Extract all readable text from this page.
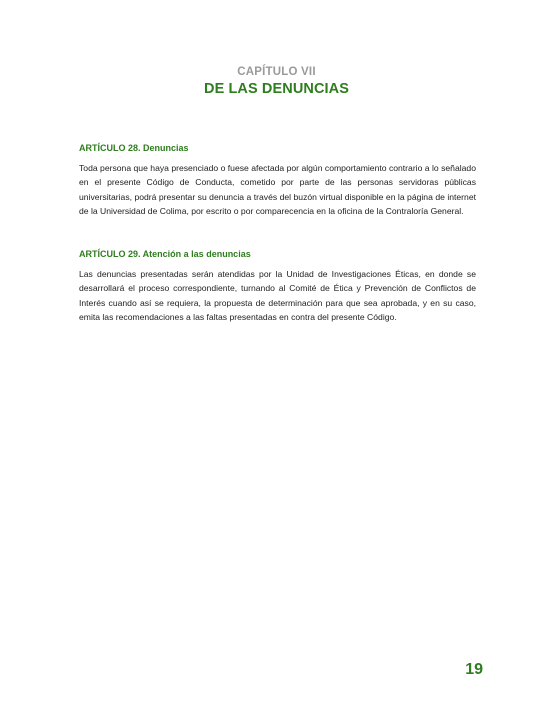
CAPÍTULO VII
DE LAS DENUNCIAS
ARTÍCULO 28. Denuncias

Toda persona que haya presenciado o fuese afectada por algún comportamiento contrario a lo señalado en el presente Código de Conducta, cometido por parte de las personas servidoras públicas universitarias, podrá presentar su denuncia a través del buzón virtual disponible en la página de internet de la Universidad de Colima, por escrito o por comparecencia en la oficina de la Contraloría General.

ARTÍCULO 29. Atención a las denuncias

Las denuncias presentadas serán atendidas por la Unidad de Investigaciones Éticas, en donde se desarrollará el proceso correspondiente, turnando al Comité de Ética y Prevención de Conflictos de Interés cuando así se requiera, la propuesta de determinación para que sea aprobada, y en su caso, emita las recomendaciones a las faltas presentadas en contra del presente Código.

19
